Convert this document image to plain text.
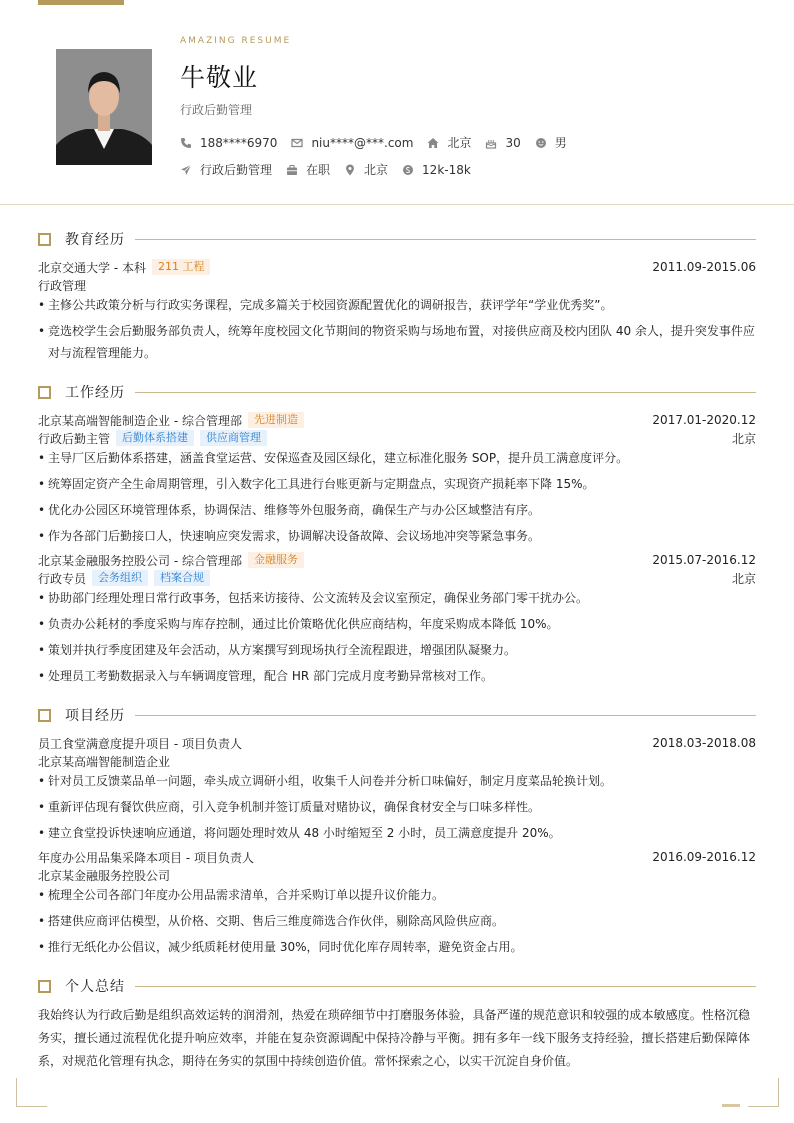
AMAZING RESUME
牛敬业
行政后勤管理
188****6970	niu****@***.com	北京	30	男
行政后勤管理	在职	北京	12k-18k
教育经历
北京交通大学 - 本科	211 工程	2011.09-2015.06
行政管理
• 主修公共政策分析与行政实务课程，完成多篇关于校园资源配置优化的调研报告，获评学年“学业优秀奖”。
• 竞选校学生会后勤服务部负责人，统筹年度校园文化节期间的物资采购与场地布置，对接供应商及校内团队 40 余人，提升突发事件应对与流程管理能力。
工作经历
北京某高端智能制造企业 - 综合管理部	先进制造	2017.01-2020.12
行政后勤主管	后勤体系搭建	供应商管理	北京
• 主导厂区后勤体系搭建，涵盖食堂运营、安保巡查及园区绿化，建立标准化服务 SOP，提升员工满意度评分。
• 统筹固定资产全生命周期管理，引入数字化工具进行台账更新与定期盘点，实现资产损耗率下降 15%。
• 优化办公园区环境管理体系，协调保洁、维修等外包服务商，确保生产与办公区域整洁有序。
• 作为各部门后勤接口人，快速响应突发需求，协调解决设备故障、会议场地冲突等紧急事务。
北京某金融服务控股公司 - 综合管理部	金融服务	2015.07-2016.12
行政专员	会务组织	档案合规	北京
• 协助部门经理处理日常行政事务，包括来访接待、公文流转及会议室预定，确保业务部门零干扰办公。
• 负责办公耗材的季度采购与库存控制，通过比价策略优化供应商结构，年度采购成本降低 10%。
• 策划并执行季度团建及年会活动，从方案撰写到现场执行全流程跟进，增强团队凝聚力。
• 处理员工考勤数据录入与车辆调度管理，配合 HR 部门完成月度考勤异常核对工作。
项目经历
员工食堂满意度提升项目 - 项目负责人	2018.03-2018.08
北京某高端智能制造企业
• 针对员工反馈菜品单一问题，牵头成立调研小组，收集千人问卷并分析口味偏好，制定月度菜品轮换计划。
• 重新评估现有餐饮供应商，引入竞争机制并签订质量对赌协议，确保食材安全与口味多样性。
• 建立食堂投诉快速响应通道，将问题处理时效从 48 小时缩短至 2 小时，员工满意度提升 20%。
年度办公用品集采降本项目 - 项目负责人	2016.09-2016.12
北京某金融服务控股公司
• 梳理全公司各部门年度办公用品需求清单，合并采购订单以提升议价能力。
• 搭建供应商评估模型，从价格、交期、售后三维度筛选合作伙伴，剔除高风险供应商。
• 推行无纸化办公倡议，减少纸质耗材使用量 30%，同时优化库存周转率，避免资金占用。
个人总结
我始终认为行政后勤是组织高效运转的润滑剂，热爱在琐碎细节中打磨服务体验，具备严谨的规范意识和较强的成本敏感度。性格沉稳务实，擅长通过流程优化提升响应效率，并能在复杂资源调配中保持冷静与平衡。拥有多年一线下服务支持经验，擅长搭建后勤保障体系，对规范化管理有执念，期待在务实的氛围中持续创造价值。常怀探索之心，以实干沉淀自身价值。
